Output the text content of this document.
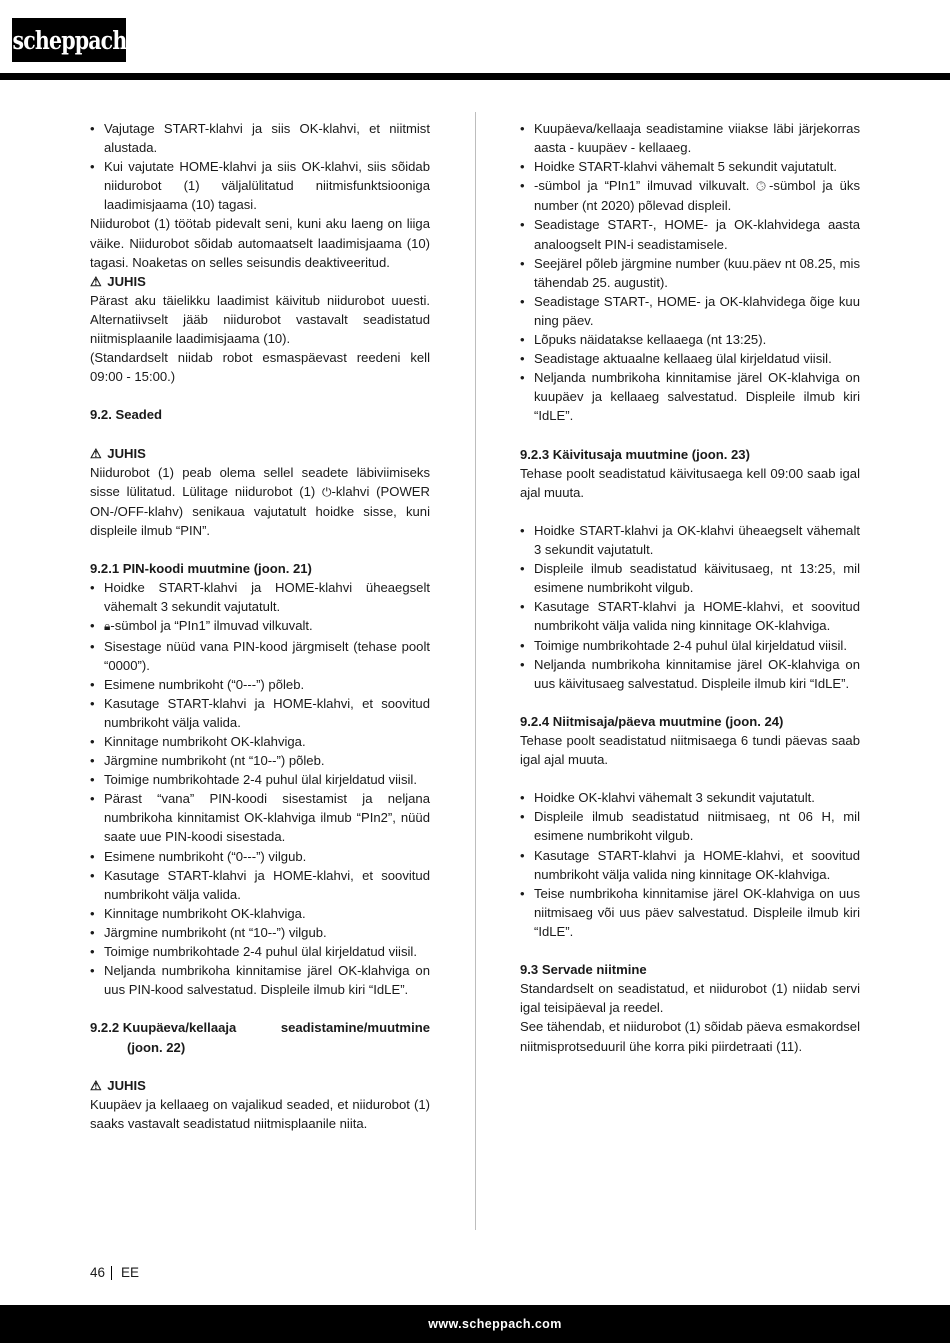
scheppach
• Vajutage START-klahvi ja siis OK-klahvi, et niitmist alustada.
• Kui vajutate HOME-klahvi ja siis OK-klahvi, siis sõidab niidurobot (1) väljalülitatud niitmisfunktsiooniga laadimisjaama (10) tagasi.

Niidurobot (1) töötab pidevalt seni, kuni aku laeng on liiga väike. Niidurobot sõidab automaatselt laadimisjaama (10) tagasi. Noaketas on selles seisundis deaktiveeritud.

⚠ JUHIS

Pärast aku täielikku laadimist käivitub niidurobot uuesti. Alternatiivselt jääb niidurobot vastavalt seadistatud niitmisplaanile laadimisjaama (10).

(Standardselt niidab robot esmaspäevast reedeni kell 09:00 - 15:00.)

9.2. Seaded

⚠ JUHIS

Niidurobot (1) peab olema sellel seadete läbiviimiseks sisse lülitatud. Lülitage niidurobot (1) ⏻-klahvi (POWER ON-/OFF-klahv) senikaua vajutatult hoidke sisse, kuni displeile ilmub “PIN”.

9.2.1 PIN-koodi muutmine (joon. 21)

• Hoidke START-klahvi ja HOME-klahvi üheaegselt vähemalt 3 sekundit vajutatult.
• 🔒︎-sümbol ja “PIn1” ilmuvad vilkuvalt.
• Sisestage nüüd vana PIN-kood järgmiselt (tehase poolt “0000”).
• Esimene numbrikoht (“0---”) põleb.
• Kasutage START-klahvi ja HOME-klahvi, et soovitud numbrikoht välja valida.
• Kinnitage numbrikoht OK-klahviga.
• Järgmine numbrikoht (nt “10--”) põleb.
• Toimige numbrikohtade 2-4 puhul ülal kirjeldatud viisil.
• Pärast “vana” PIN-koodi sisestamist ja neljana numbrikoha kinnitamist OK-klahviga ilmub “PIn2”, nüüd saate uue PIN-koodi sisestada.
• Esimene numbrikoht (“0---”) vilgub.
• Kasutage START-klahvi ja HOME-klahvi, et soovitud numbrikoht välja valida.
• Kinnitage numbrikoht OK-klahviga.
• Järgmine numbrikoht (nt “10--”) vilgub.
• Toimige numbrikohtade 2-4 puhul ülal kirjeldatud viisil.
• Neljanda numbrikoha kinnitamise järel OK-klahviga on uus PIN-kood salvestatud. Displeile ilmub kiri “IdLE”.
9.2.2 Kuupäeva/kellaaja	seadistamine/muutmine
(joon. 22)

⚠ JUHIS

Kuupäev ja kellaaeg on vajalikud seaded, et niidurobot (1) saaks vastavalt seadistatud niitmisplaanile niita.

• Kuupäeva/kellaaja seadistamine viiakse läbi järjekorras aasta - kuupäev - kellaaeg.
• Hoidke START-klahvi vähemalt 5 sekundit vajutatult.
• -sümbol ja “PIn1” ilmuvad vilkuvalt. 🕓︎-sümbol ja üks number (nt 2020) põlevad displeil.
• Seadistage START-, HOME- ja OK-klahvidega aasta analoogselt PIN-i seadistamisele.
• Seejärel põleb järgmine number (kuu.päev nt 08.25, mis tähendab 25. augustit).
• Seadistage START-, HOME- ja OK-klahvidega õige kuu ning päev.
• Lõpuks näidatakse kellaaega (nt 13:25).
• Seadistage aktuaalne kellaaeg ülal kirjeldatud viisil.
• Neljanda numbrikoha kinnitamise järel OK-klahviga on kuupäev ja kellaaeg salvestatud. Displeile ilmub kiri “IdLE”.

9.2.3 Käivitusaja muutmine (joon. 23)

Tehase poolt seadistatud käivitusaega kell 09:00 saab igal ajal muuta.

• Hoidke START-klahvi ja OK-klahvi üheaegselt vähemalt 3 sekundit vajutatult.
• Displeile ilmub seadistatud käivitusaeg, nt 13:25, mil esimene numbrikoht vilgub.
• Kasutage START-klahvi ja HOME-klahvi, et soovitud numbrikoht välja valida ning kinnitage OK-klahviga.
• Toimige numbrikohtade 2-4 puhul ülal kirjeldatud viisil.
• Neljanda numbrikoha kinnitamise järel OK-klahviga on uus käivitusaeg salvestatud. Displeile ilmub kiri “IdLE”.

9.2.4 Niitmisaja/päeva muutmine (joon. 24)

Tehase poolt seadistatud niitmisaega 6 tundi päevas saab igal ajal muuta.

• Hoidke OK-klahvi vähemalt 3 sekundit vajutatult.
• Displeile ilmub seadistatud niitmisaeg, nt 06 H, mil esimene numbrikoht vilgub.
• Kasutage START-klahvi ja HOME-klahvi, et soovitud numbrikoht välja valida ning kinnitage OK-klahviga.
• Teise numbrikoha kinnitamise järel OK-klahviga on uus niitmisaeg või uus päev salvestatud. Displeile ilmub kiri “IdLE”.

9.3 Servade niitmine

Standardselt on seadistatud, et niidurobot (1) niidab servi igal teisipäeval ja reedel.

See tähendab, et niidurobot (1) sõidab päeva esmakordsel niitmisprotseduuril ühe korra piki piirdetraati (11).

46 EE
www.scheppach.com
